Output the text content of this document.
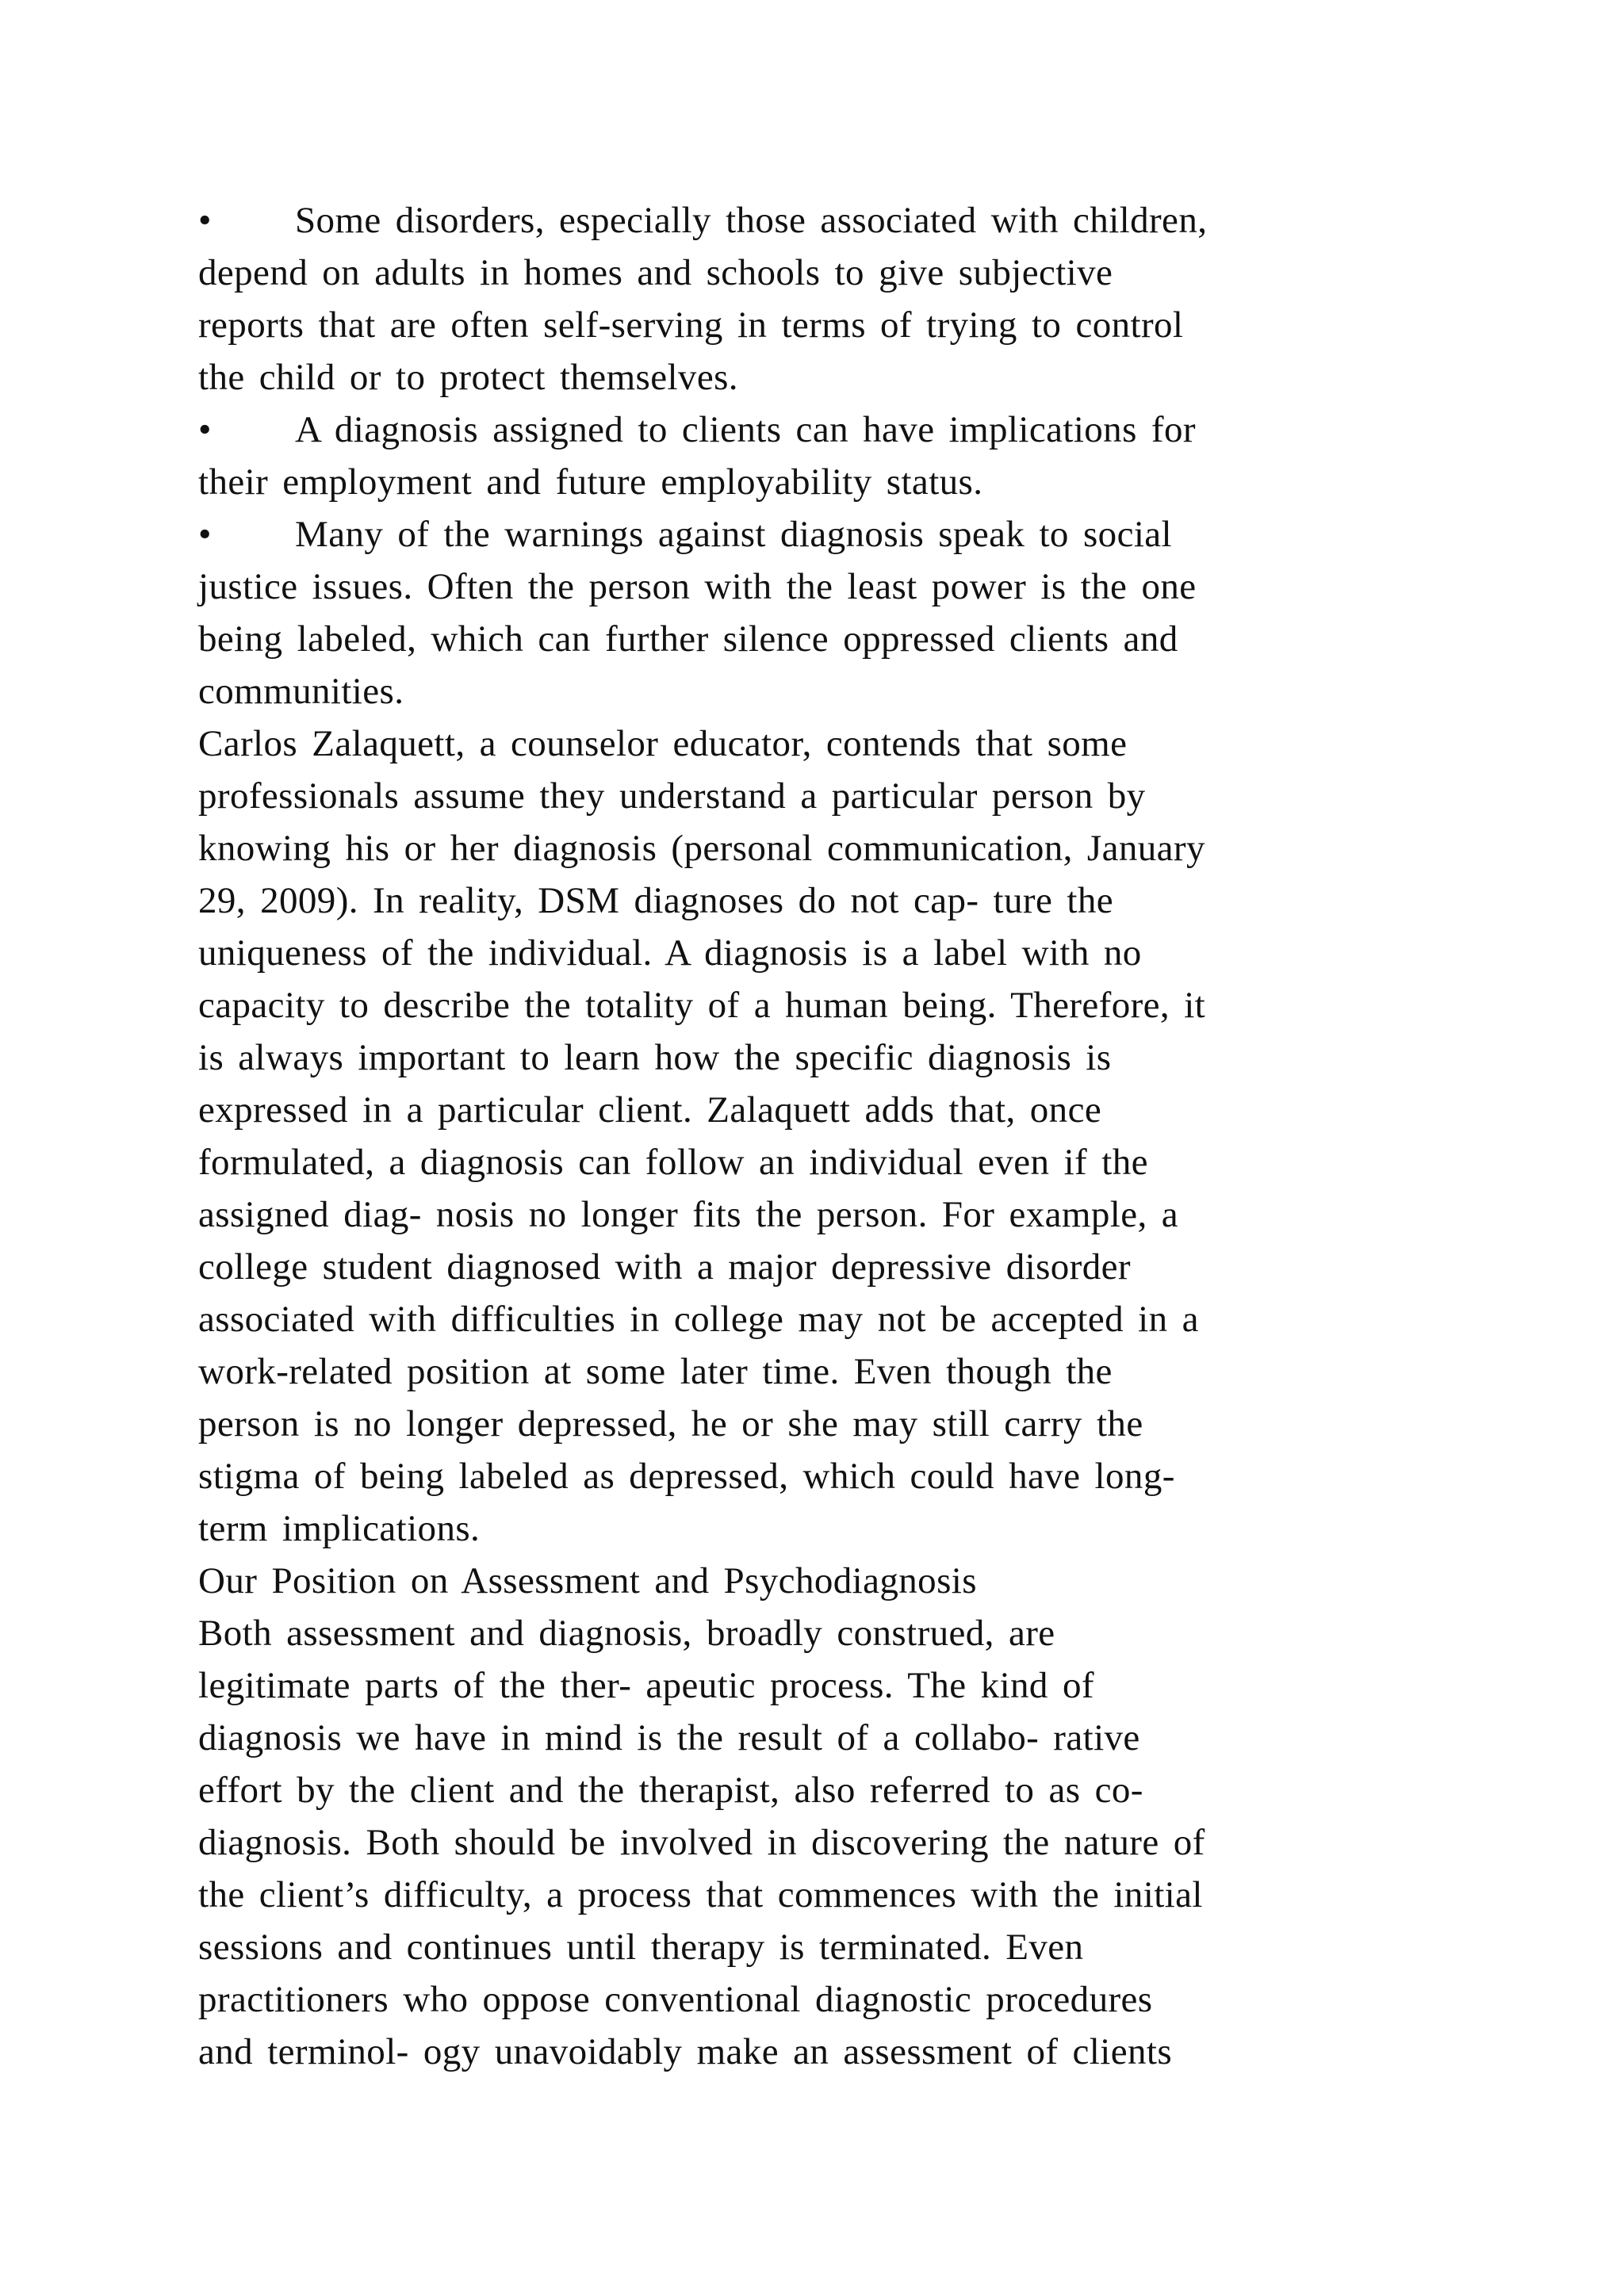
• Some disorders, especially those associated with children,
depend on adults in homes and schools to give subjective
reports that are often self-serving in terms of trying to control
the child or to protect themselves.
• A diagnosis assigned to clients can have implications for
their employment and future employability status.
• Many of the warnings against diagnosis speak to social
justice issues. Often the person with the least power is the one
being labeled, which can further silence oppressed clients and
communities.
Carlos Zalaquett, a counselor educator, contends that some
professionals assume they understand a particular person by
knowing his or her diagnosis (personal communication, January
29, 2009). In reality, DSM diagnoses do not cap- ture the
uniqueness of the individual. A diagnosis is a label with no
capacity to describe the totality of a human being. Therefore, it
is always important to learn how the specific diagnosis is
expressed in a particular client. Zalaquett adds that, once
formulated, a diagnosis can follow an individual even if the
assigned diag- nosis no longer fits the person. For example, a
college student diagnosed with a major depressive disorder
associated with difficulties in college may not be accepted in a
work-related position at some later time. Even though the
person is no longer depressed, he or she may still carry the
stigma of being labeled as depressed, which could have long-
term implications.
Our Position on Assessment and Psychodiagnosis
Both assessment and diagnosis, broadly construed, are
legitimate parts of the ther- apeutic process. The kind of
diagnosis we have in mind is the result of a collabo- rative
effort by the client and the therapist, also referred to as co-
diagnosis. Both should be involved in discovering the nature of
the client’s difficulty, a process that commences with the initial
sessions and continues until therapy is terminated. Even
practitioners who oppose conventional diagnostic procedures
and terminol- ogy unavoidably make an assessment of clients
